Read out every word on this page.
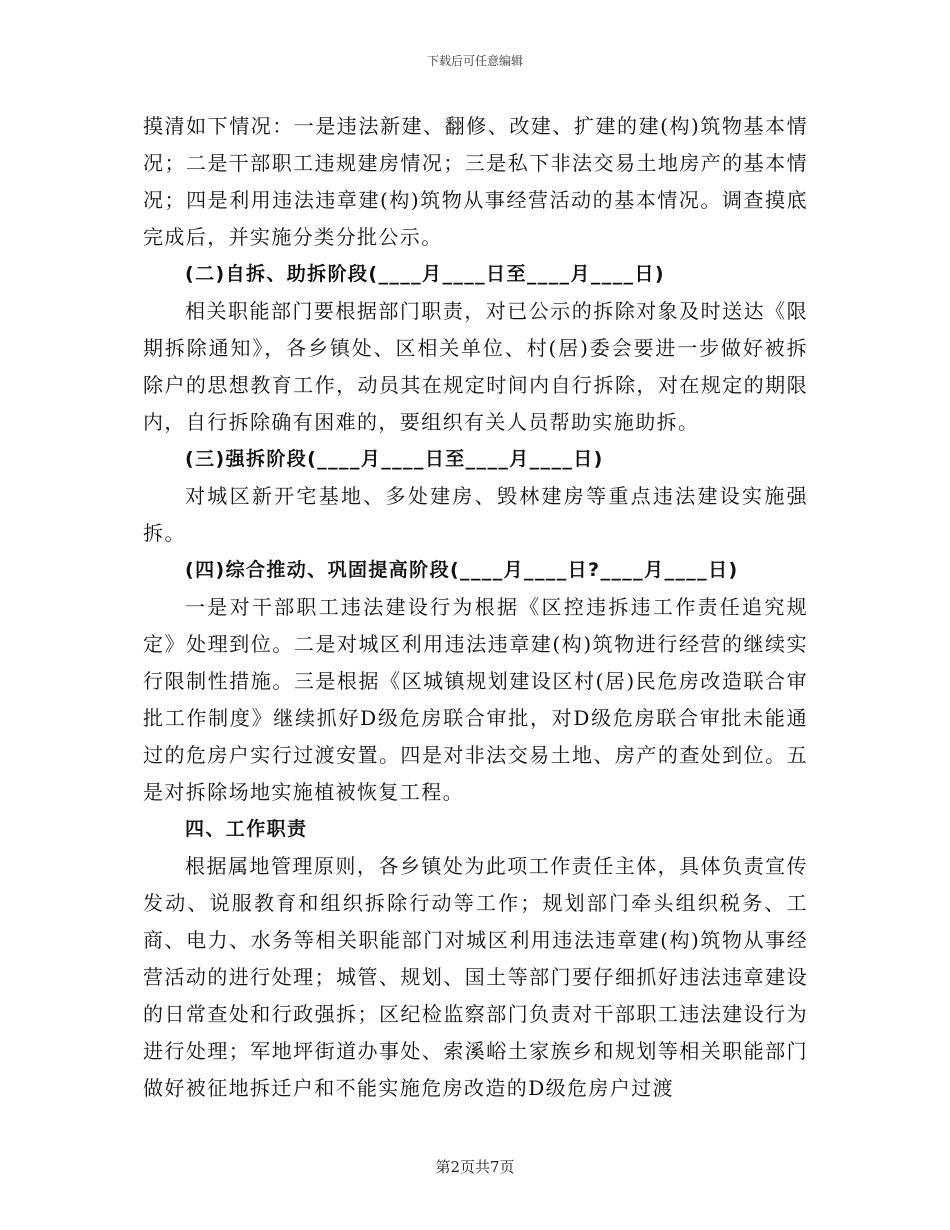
下载后可任意编辑

摸清如下情况：一是违法新建、翻修、改建、扩建的建(构)筑物基本情况；二是干部职工违规建房情况；三是私下非法交易土地房产的基本情况；四是利用违法违章建(构)筑物从事经营活动的基本情况。调查摸底完成后，并实施分类分批公示。

(二)自拆、助拆阶段(____月____日至____月____日)

相关职能部门要根据部门职责，对已公示的拆除对象及时送达《限期拆除通知》，各乡镇处、区相关单位、村(居)委会要进一步做好被拆除户的思想教育工作，动员其在规定时间内自行拆除，对在规定的期限内，自行拆除确有困难的，要组织有关人员帮助实施助拆。

(三)强拆阶段(____月____日至____月____日)

对城区新开宅基地、多处建房、毁林建房等重点违法建设实施强拆。

(四)综合推动、巩固提高阶段(____月____日?____月____日)

一是对干部职工违法建设行为根据《区控违拆违工作责任追究规定》处理到位。二是对城区利用违法违章建(构)筑物进行经营的继续实行限制性措施。三是根据《区城镇规划建设区村(居)民危房改造联合审批工作制度》继续抓好D级危房联合审批，对D级危房联合审批未能通过的危房户实行过渡安置。四是对非法交易土地、房产的查处到位。五是对拆除场地实施植被恢复工程。

四、工作职责

根据属地管理原则，各乡镇处为此项工作责任主体，具体负责宣传发动、说服教育和组织拆除行动等工作；规划部门牵头组织税务、工商、电力、水务等相关职能部门对城区利用违法违章建(构)筑物从事经营活动的进行处理；城管、规划、国土等部门要仔细抓好违法违章建设的日常查处和行政强拆；区纪检监察部门负责对干部职工违法建设行为进行处理；军地坪街道办事处、索溪峪土家族乡和规划等相关职能部门做好被征地拆迁户和不能实施危房改造的D级危房户过渡

第2页共7页
